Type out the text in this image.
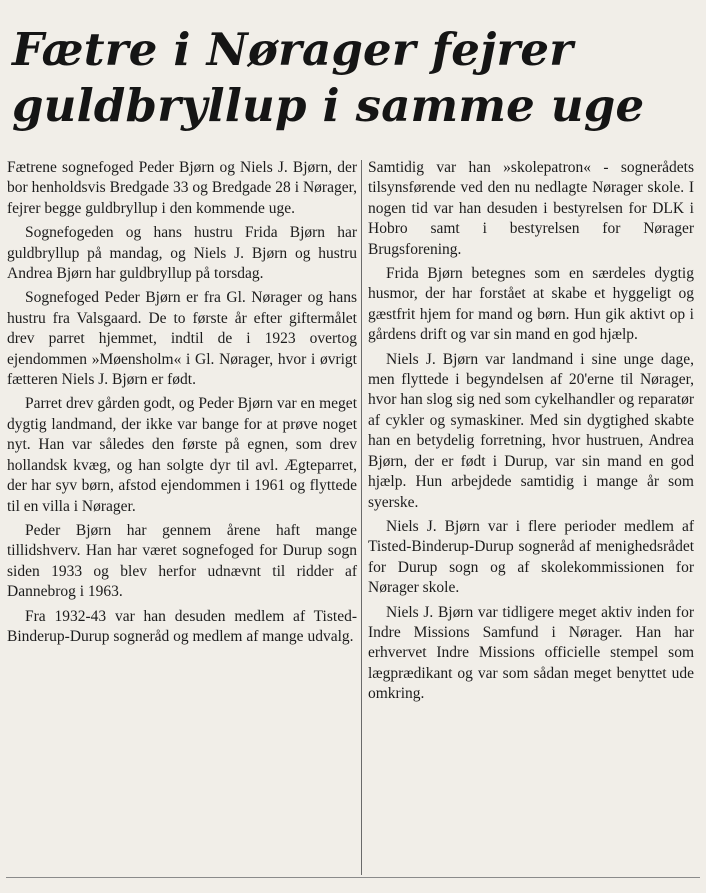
Fætre i Nørager fejrer
guldbryllup i samme uge

Fætrene sognefoged Peder Bjørn og Niels J. Bjørn, der bor henholdsvis Bredgade 33 og Bredgade 28 i Nørager, fejrer begge guldbryllup i den kommende uge.

Sognefogeden og hans hustru Frida Bjørn har guldbryllup på mandag, og Niels J. Bjørn og hustru Andrea Bjørn har guldbryllup på torsdag.

Sognefoged Peder Bjørn er fra Gl. Nørager og hans hustru fra Valsgaard. De to første år efter giftermålet drev parret hjemmet, indtil de i 1923 overtog ejendommen »Møensholm« i Gl. Nørager, hvor i øvrigt fætteren Niels J. Bjørn er født.

Parret drev gården godt, og Peder Bjørn var en meget dygtig landmand, der ikke var bange for at prøve noget nyt. Han var således den første på egnen, som drev hollandsk kvæg, og han solgte dyr til avl. Ægteparret, der har syv børn, afstod ejendommen i 1961 og flyttede til en villa i Nørager.

Peder Bjørn har gennem årene haft mange tillidshverv. Han har været sognefoged for Durup sogn siden 1933 og blev herfor udnævnt til ridder af Dannebrog i 1963.

Fra 1932-43 var han desuden medlem af Tisted-Binderup-Durup sogneråd og medlem af mange udvalg.

Samtidig var han »skolepatron« - sognerådets tilsynsførende ved den nu nedlagte Nørager skole. I nogen tid var han desuden i bestyrelsen for DLK i Hobro samt i bestyrelsen for Nørager Brugsforening.

Frida Bjørn betegnes som en særdeles dygtig husmor, der har forstået at skabe et hyggeligt og gæstfrit hjem for mand og børn. Hun gik aktivt op i gårdens drift og var sin mand en god hjælp.

Niels J. Bjørn var landmand i sine unge dage, men flyttede i begyndelsen af 20'erne til Nørager, hvor han slog sig ned som cykelhandler og reparatør af cykler og symaskiner. Med sin dygtighed skabte han en betydelig forretning, hvor hustruen, Andrea Bjørn, der er født i Durup, var sin mand en god hjælp. Hun arbejdede samtidig i mange år som syerske.

Niels J. Bjørn var i flere perioder medlem af Tisted-Binderup-Durup sogneråd af menighedsrådet for Durup sogn og af skolekommissionen for Nørager skole.

Niels J. Bjørn var tidligere meget aktiv inden for Indre Missions Samfund i Nørager. Han har erhvervet Indre Missions officielle stempel som lægprædikant og var som sådan meget benyttet ude omkring.
